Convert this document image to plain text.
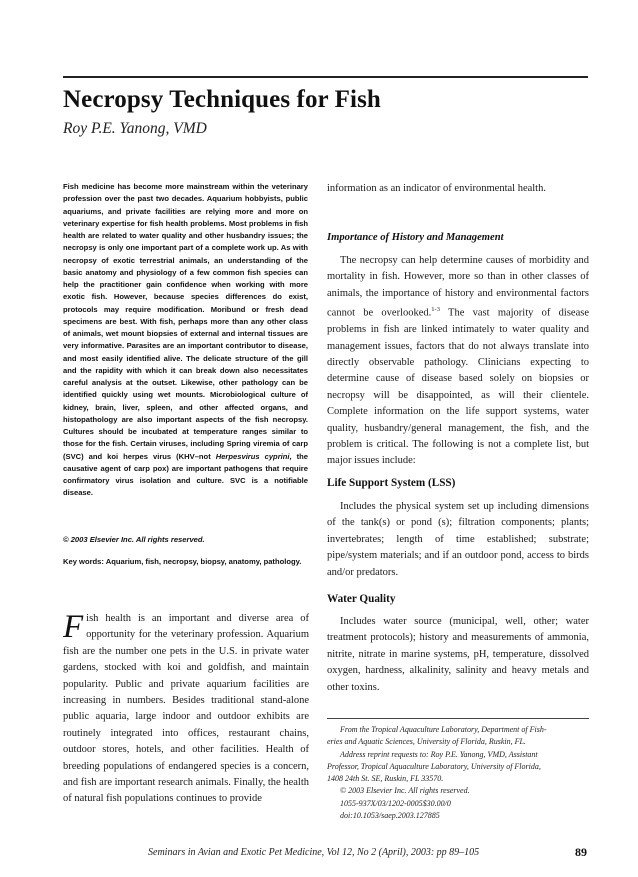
Necropsy Techniques for Fish

Roy P.E. Yanong, VMD

Fish medicine has become more mainstream within the veterinary profession over the past two decades. Aquarium hobbyists, public aquariums, and private facilities are relying more and more on veterinary expertise for fish health problems. Most problems in fish health are related to water quality and other husbandry issues; the necropsy is only one important part of a complete work up. As with necropsy of exotic terrestrial animals, an understanding of the basic anatomy and physiology of a few common fish species can help the practitioner gain confidence when working with more exotic fish. However, because species differences do exist, protocols may require modification. Moribund or fresh dead specimens are best. With fish, perhaps more than any other class of animals, wet mount biopsies of external and internal tissues are very informative. Parasites are an important contributor to disease, and most easily identified alive. The delicate structure of the gill and the rapidity with which it can break down also necessitates careful analysis at the outset. Likewise, other pathology can be identified quickly using wet mounts. Microbiological culture of kidney, brain, liver, spleen, and other affected organs, and histopathology are also important aspects of the fish necropsy. Cultures should be incubated at temperature ranges similar to those for the fish. Certain viruses, including Spring viremia of carp (SVC) and koi herpes virus (KHV–not Herpesvirus cyprini, the causative agent of carp pox) are important pathogens that require confirmatory virus isolation and culture. SVC is a notifiable disease.

© 2003 Elsevier Inc. All rights reserved.

Key words: Aquarium, fish, necropsy, biopsy, anatomy, pathology.

Fish health is an important and diverse area of opportunity for the veterinary profession. Aquarium fish are the number one pets in the U.S. in private water gardens, stocked with koi and goldfish, and maintain popularity. Public and private aquarium facilities are increasing in numbers. Besides traditional stand-alone public aquaria, large indoor and outdoor exhibits are routinely integrated into offices, restaurant chains, outdoor stores, hotels, and other facilities. Health of breeding populations of endangered species is a concern, and fish are important research animals. Finally, the health of natural fish populations continues to provide

information as an indicator of environmental health.

Importance of History and Management

The necropsy can help determine causes of morbidity and mortality in fish. However, more so than in other classes of animals, the importance of history and environmental factors cannot be overlooked.$^{1-3}$ The vast majority of disease problems in fish are linked intimately to water quality and management issues, factors that do not always translate into directly observable pathology. Clinicians expecting to determine cause of disease based solely on biopsies or necropsy will be disappointed, as will their clientele. Complete information on the life support systems, water quality, husbandry/general management, the fish, and the problem is critical. The following is not a complete list, but major issues include:

Life Support System (LSS)

Includes the physical system set up including dimensions of the tank(s) or pond (s); filtration components; plants; invertebrates; length of time established; substrate; pipe/system materials; and if an outdoor pond, access to birds and/or predators.

Water Quality

Includes water source (municipal, well, other; water treatment protocols); history and measurements of ammonia, nitrite, nitrate in marine systems, pH, temperature, dissolved oxygen, hardness, alkalinity, salinity and heavy metals and other toxins.

From the Tropical Aquaculture Laboratory, Department of Fish-
eries and Aquatic Sciences, University of Florida, Ruskin, FL.
Address reprint requests to: Roy P.E. Yanong, VMD, Assistant
Professor, Tropical Aquaculture Laboratory, University of Florida,
1408 24th St. SE, Ruskin, FL 33570.
© 2003 Elsevier Inc. All rights reserved.
1055-937X/03/1202-0005$30.00/0
doi:10.1053/saep.2003.127885

Seminars in Avian and Exotic Pet Medicine, Vol 12, No 2 (April), 2003: pp 89–105	89
